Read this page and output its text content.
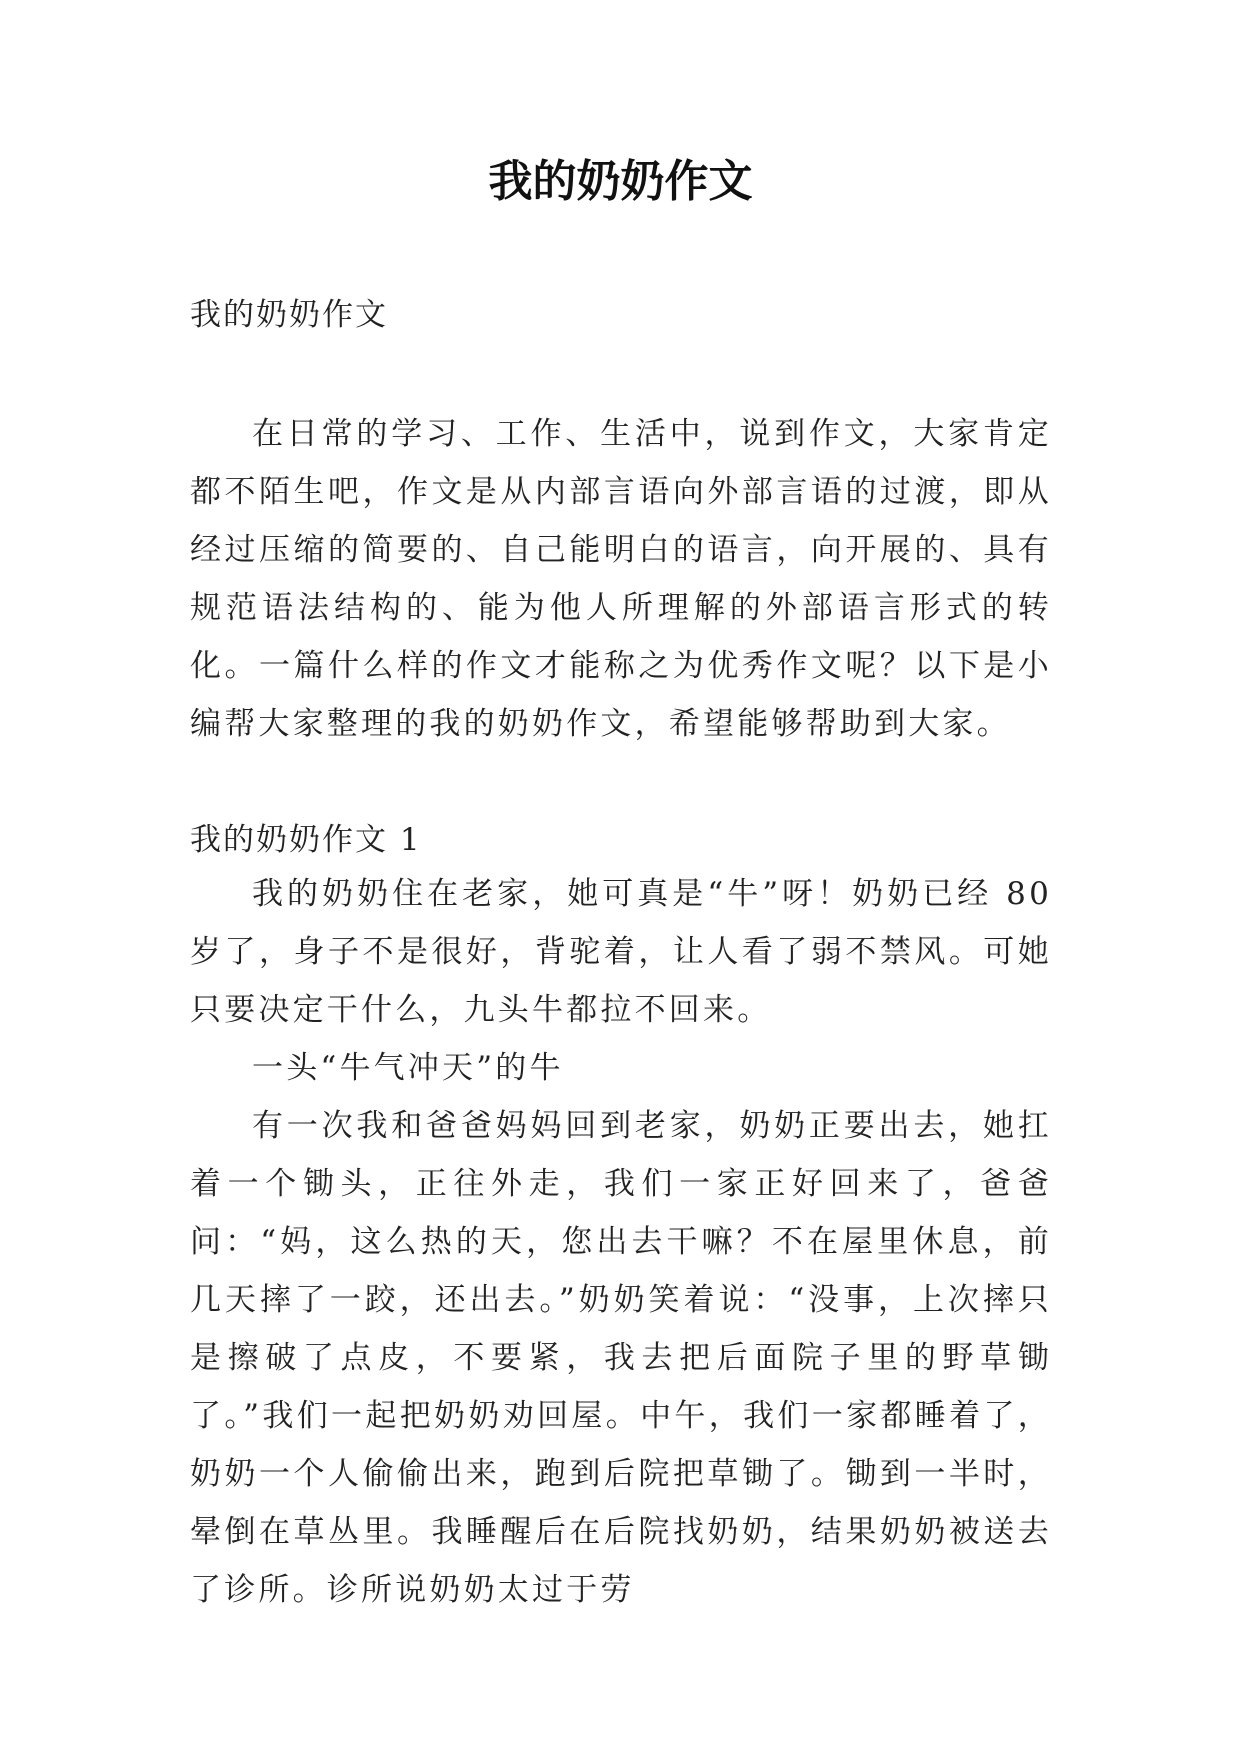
我的奶奶作文
我的奶奶作文

在日常的学习、工作、生活中，说到作文，大家肯定都不陌生吧，作文是从内部言语向外部言语的过渡，即从经过压缩的简要的、自己能明白的语言，向开展的、具有规范语法结构的、能为他人所理解的外部语言形式的转化。一篇什么样的作文才能称之为优秀作文呢？以下是小编帮大家整理的我的奶奶作文，希望能够帮助到大家。

我的奶奶作文 1

我的奶奶住在老家，她可真是“牛”呀！奶奶已经 80 岁了，身子不是很好，背驼着，让人看了弱不禁风。可她只要决定干什么，九头牛都拉不回来。

一头“牛气冲天”的牛

有一次我和爸爸妈妈回到老家，奶奶正要出去，她扛着一个锄头，正往外走，我们一家正好回来了，爸爸问：“妈，这么热的天，您出去干嘛？不在屋里休息，前几天摔了一跤，还出去。”奶奶笑着说：“没事，上次摔只是擦破了点皮，不要紧，我去把后面院子里的野草锄了。”我们一起把奶奶劝回屋。中午，我们一家都睡着了，奶奶一个人偷偷出来，跑到后院把草锄了。锄到一半时，晕倒在草丛里。我睡醒后在后院找奶奶，结果奶奶被送去了诊所。诊所说奶奶太过于劳
